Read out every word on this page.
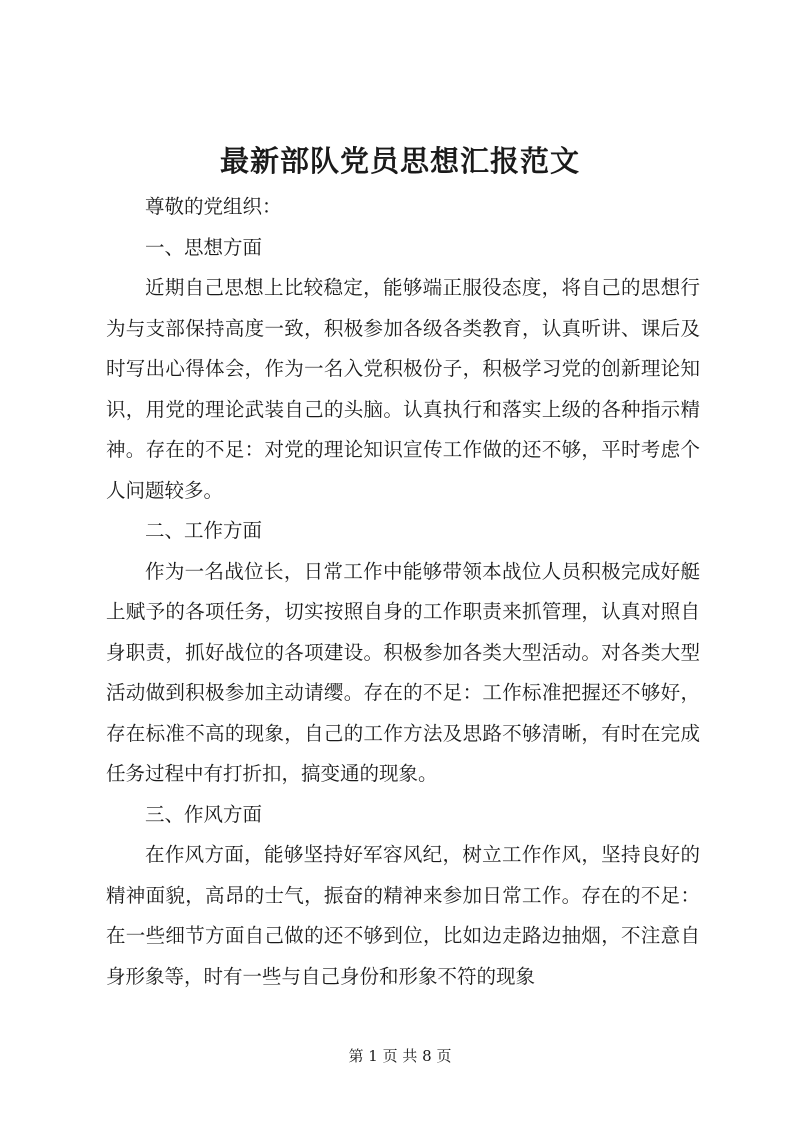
最新部队党员思想汇报范文

尊敬的党组织：

一、思想方面

近期自己思想上比较稳定，能够端正服役态度，将自己的思想行为与支部保持高度一致，积极参加各级各类教育，认真听讲、课后及时写出心得体会，作为一名入党积极份子，积极学习党的创新理论知识，用党的理论武装自己的头脑。认真执行和落实上级的各种指示精神。存在的不足：对党的理论知识宣传工作做的还不够，平时考虑个人问题较多。

二、工作方面

作为一名战位长，日常工作中能够带领本战位人员积极完成好艇上赋予的各项任务，切实按照自身的工作职责来抓管理，认真对照自身职责，抓好战位的各项建设。积极参加各类大型活动。对各类大型活动做到积极参加主动请缨。存在的不足：工作标准把握还不够好，存在标准不高的现象，自己的工作方法及思路不够清晰，有时在完成任务过程中有打折扣，搞变通的现象。

三、作风方面

在作风方面，能够坚持好军容风纪，树立工作作风，坚持良好的精神面貌，高昂的士气，振奋的精神来参加日常工作。存在的不足：在一些细节方面自己做的还不够到位，比如边走路边抽烟，不注意自身形象等，时有一些与自己身份和形象不符的现象

第 1 页 共 8 页
